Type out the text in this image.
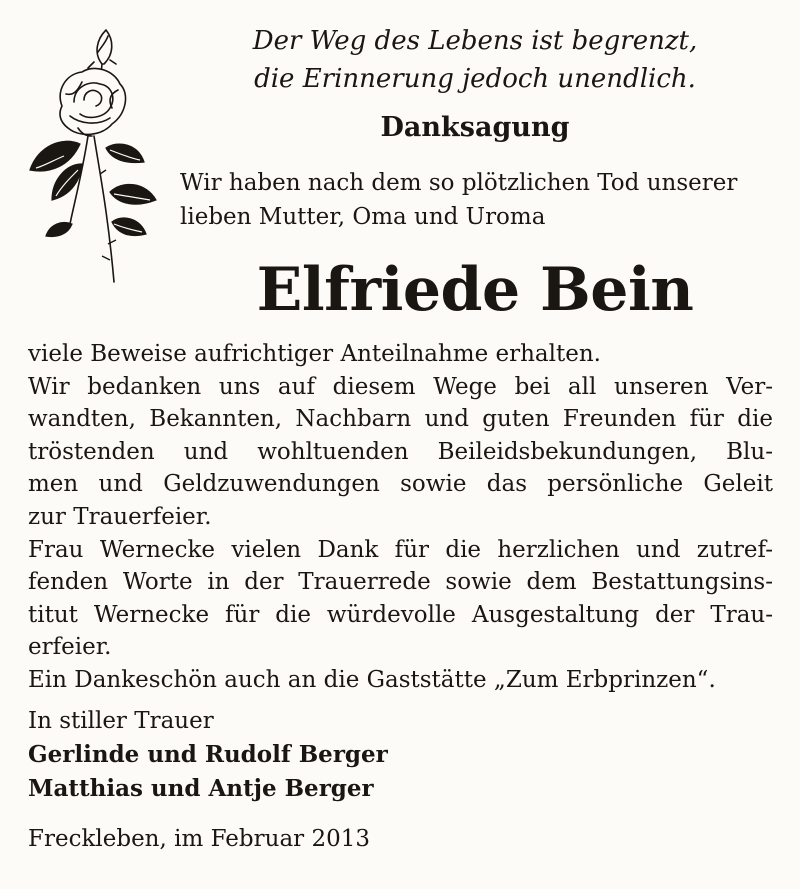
Der Weg des Lebens ist begrenzt,
die Erinnerung jedoch unendlich.
Danksagung
Wir haben nach dem so plötzlichen Tod unserer
lieben Mutter, Oma und Uroma
Elfriede Bein
viele Beweise aufrichtiger Anteilnahme erhalten.
Wir bedanken uns auf diesem Wege bei all unseren Ver-
wandten, Bekannten, Nachbarn und guten Freunden für die
tröstenden und wohltuenden Beileidsbekundungen, Blu-
men und Geldzuwendungen sowie das persönliche Geleit
zur Trauerfeier.
Frau Wernecke vielen Dank für die herzlichen und zutref-
fenden Worte in der Trauerrede sowie dem Bestattungsins-
titut Wernecke für die würdevolle Ausgestaltung der Trau-
erfeier.
Ein Dankeschön auch an die Gaststätte „Zum Erbprinzen“.
In stiller Trauer
Gerlinde und Rudolf Berger
Matthias und Antje Berger
Freckleben, im Februar 2013
